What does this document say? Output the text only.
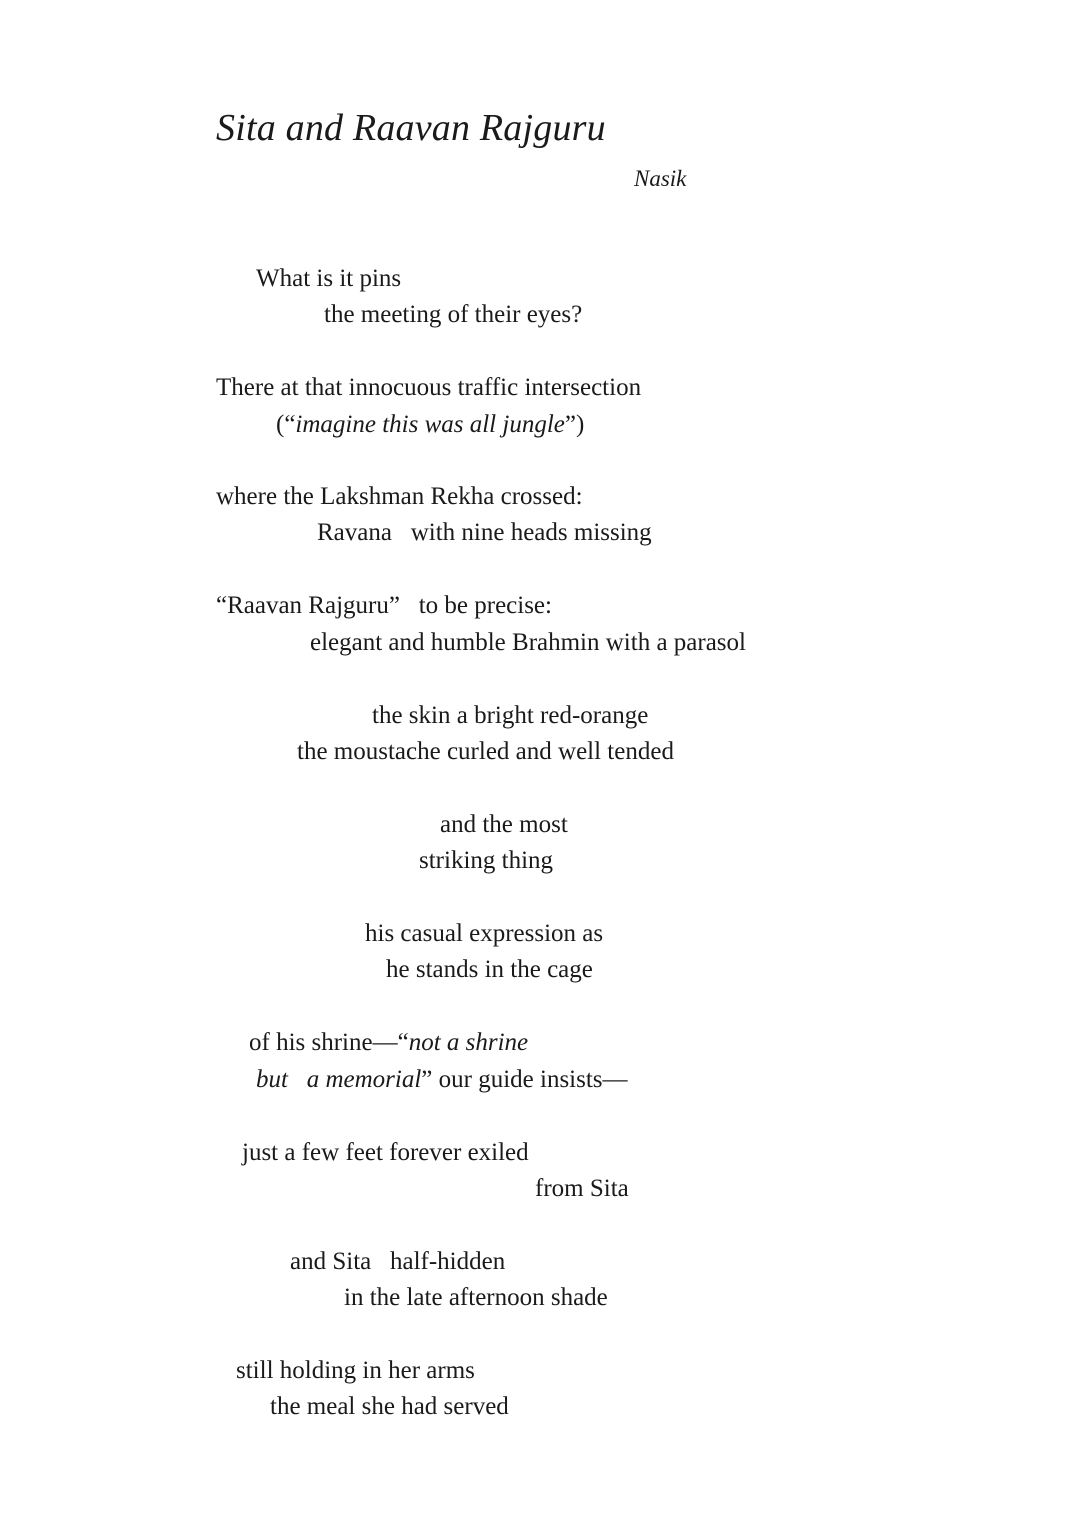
Sita and Raavan Rajguru
Nasik
What is it pins
the meeting of their eyes?
There at that innocuous traffic intersection
(“imagine this was all jungle”)
where the Lakshman Rekha crossed:
Ravana   with nine heads missing
“Raavan Rajguru”   to be precise:
elegant and humble Brahmin with a parasol
the skin a bright red-orange
the moustache curled and well tended
and the most
striking thing
his casual expression as
he stands in the cage
of his shrine—“not a shrine
but   a memorial” our guide insists—
just a few feet forever exiled
from Sita
and Sita   half-hidden
in the late afternoon shade
still holding in her arms
the meal she had served
